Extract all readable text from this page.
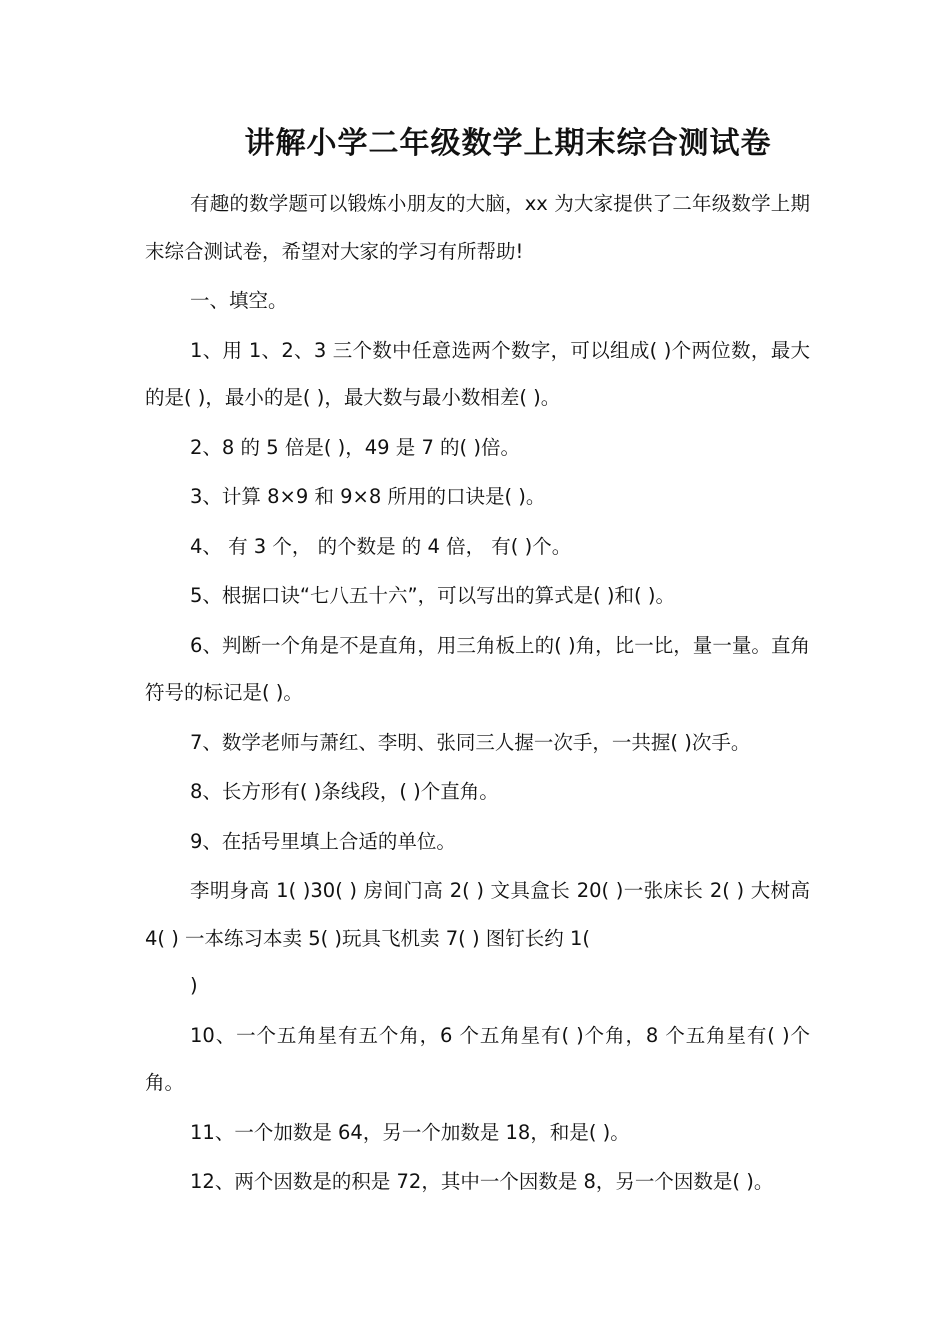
讲解小学二年级数学上期末综合测试卷

有趣的数学题可以锻炼小朋友的大脑，xx 为大家提供了二年级数学上期末综合测试卷，希望对大家的学习有所帮助!

一、填空。

1、用 1、2、3 三个数中任意选两个数字，可以组成( )个两位数，最大的是( )，最小的是( )，最大数与最小数相差( )。

2、8 的 5 倍是( )，49 是 7 的( )倍。

3、计算 8×9 和 9×8 所用的口诀是( )。

4、 有 3 个， 的个数是 的 4 倍， 有( )个。

5、根据口诀“七八五十六”，可以写出的算式是( )和( )。

6、判断一个角是不是直角，用三角板上的( )角，比一比，量一量。直角符号的标记是( )。

7、数学老师与萧红、李明、张同三人握一次手，一共握( )次手。

8、长方形有( )条线段，( )个直角。

9、在括号里填上合适的单位。

李明身高 1( )30( ) 房间门高 2( ) 文具盒长 20( )一张床长 2( ) 大树高 4( ) 一本练习本卖 5( )玩具飞机卖 7( ) 图钉长约 1(

)

10、一个五角星有五个角，6 个五角星有( )个角，8 个五角星有( )个角。

11、一个加数是 64，另一个加数是 18，和是( )。

12、两个因数是的积是 72，其中一个因数是 8，另一个因数是( )。
